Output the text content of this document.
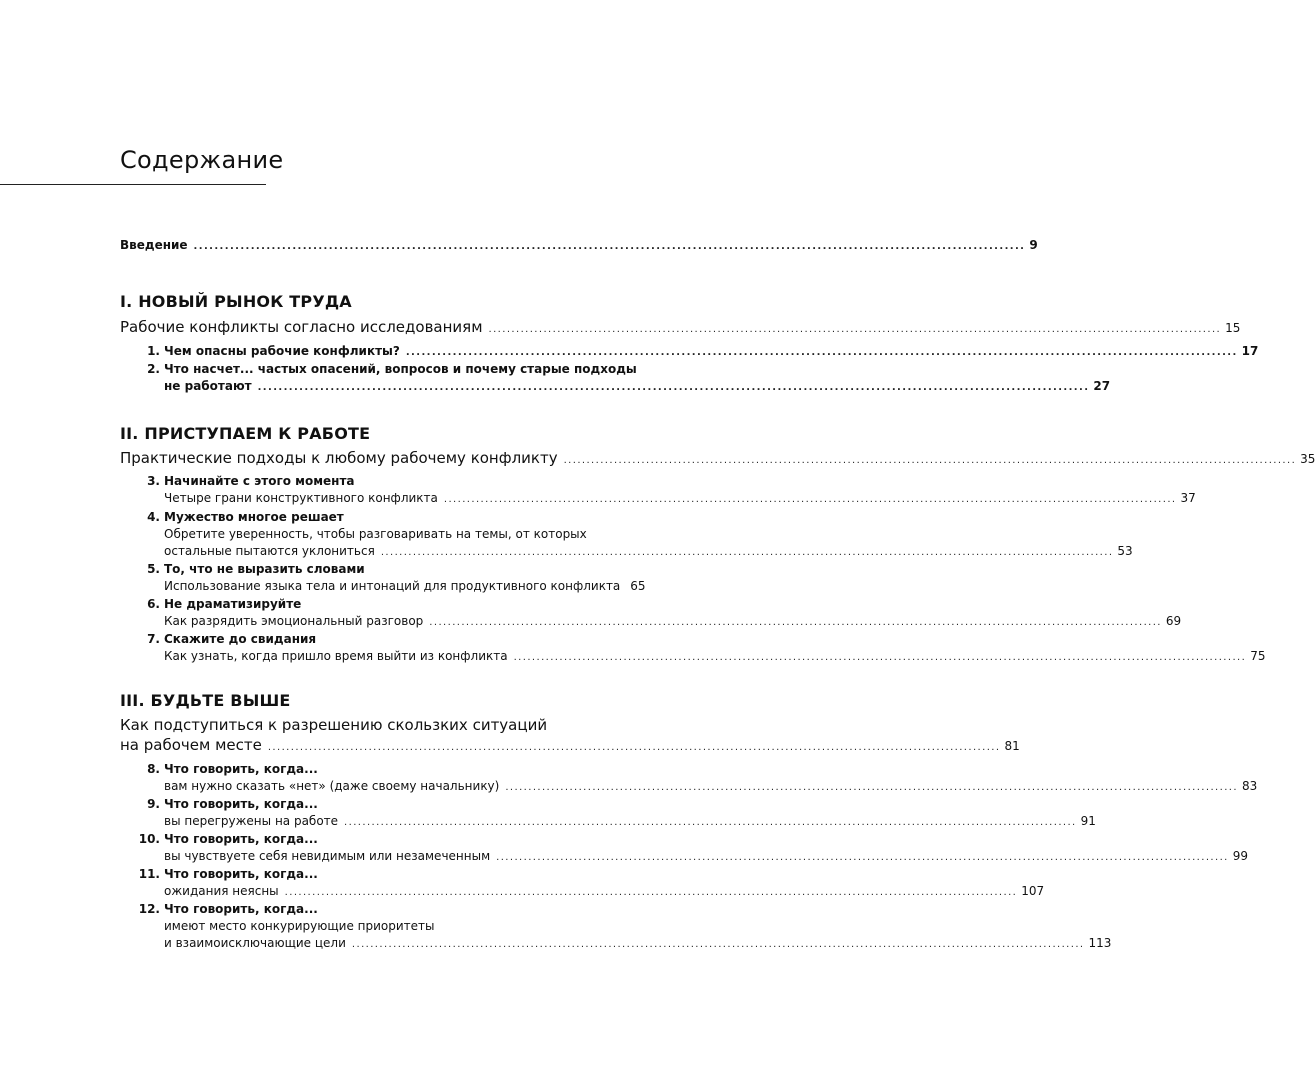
Содержание
Введение ................................................................................................................................................................ 9
I. НОВЫЙ РЫНОК ТРУДА
Рабочие конфликты согласно исследованиям ................................................................................................................................................................ 15
1. Чем опасны рабочие конфликты? ................................................................................................................................................................ 17
2. Что насчет... частых опасений, вопросов и почему старые подходы
не работают ................................................................................................................................................................ 27
II. ПРИСТУПАЕМ К РАБОТЕ
Практические подходы к любому рабочему конфликту ................................................................................................................................................................ 35
3. Начинайте с этого момента
Четыре грани конструктивного конфликта ................................................................................................................................................................ 37
4. Мужество многое решает
Обретите уверенность, чтобы разговаривать на темы, от которых
остальные пытаются уклониться ................................................................................................................................................................ 53
5. То, что не выразить словами
Использование языка тела и интонаций для продуктивного конфликта 65
6. Не драматизируйте
Как разрядить эмоциональный разговор ................................................................................................................................................................ 69
7. Скажите до свидания
Как узнать, когда пришло время выйти из конфликта ................................................................................................................................................................ 75
III. БУДЬТЕ ВЫШЕ
Как подступиться к разрешению скользких ситуаций
на рабочем месте ................................................................................................................................................................ 81
8. Что говорить, когда...
вам нужно сказать «нет» (даже своему начальнику) ................................................................................................................................................................ 83
9. Что говорить, когда...
вы перегружены на работе ................................................................................................................................................................ 91
10. Что говорить, когда...
вы чувствуете себя невидимым или незамеченным ................................................................................................................................................................ 99
11. Что говорить, когда...
ожидания неясны ................................................................................................................................................................ 107
12. Что говорить, когда...
имеют место конкурирующие приоритеты
и взаимоисключающие цели ................................................................................................................................................................ 113
